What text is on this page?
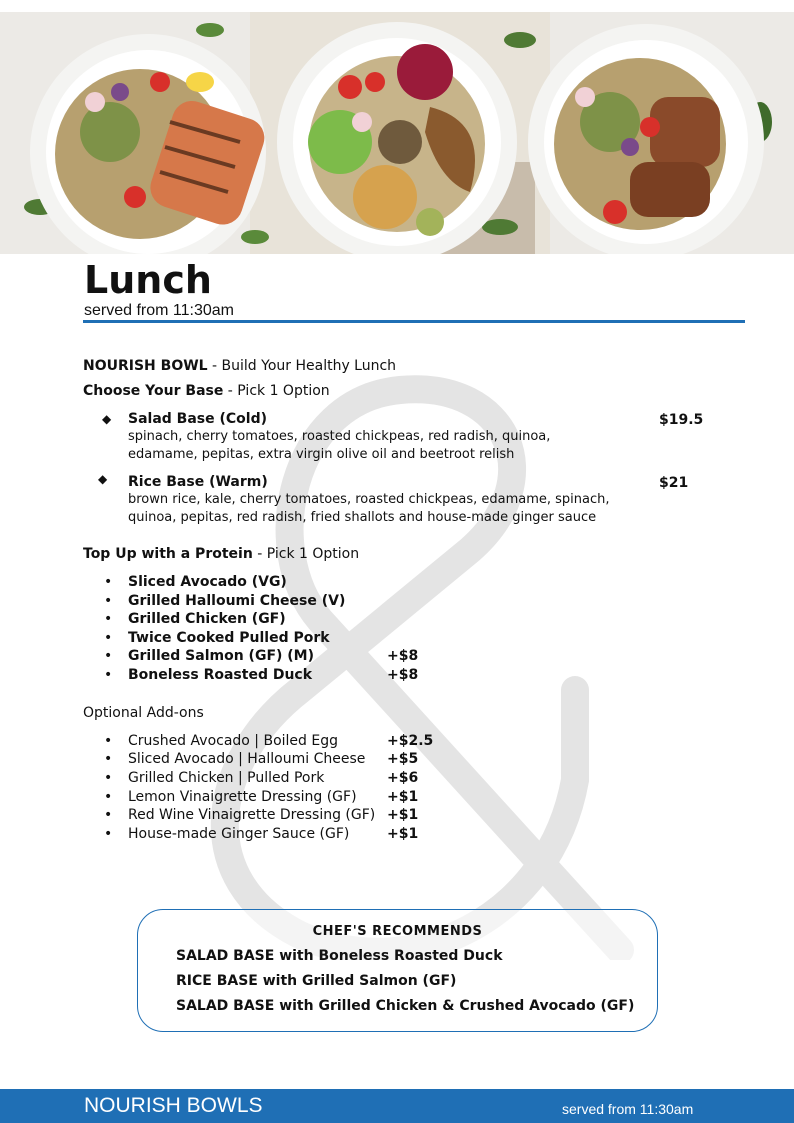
Lunch
served from 11:30am
NOURISH BOWL - Build Your Healthy Lunch
Choose Your Base - Pick 1 Option
◆ Salad Base (Cold)	$19.5
spinach, cherry tomatoes, roasted chickpeas, red radish, quinoa,
edamame, pepitas, extra virgin olive oil and beetroot relish
◆ Rice Base (Warm)	$21
brown rice, kale, cherry tomatoes, roasted chickpeas, edamame, spinach,
quinoa, pepitas, red radish, fried shallots and house-made ginger sauce
Top Up with a Protein - Pick 1 Option
• Sliced Avocado (VG)
• Grilled Halloumi Cheese (V)
• Grilled Chicken (GF)
• Twice Cooked Pulled Pork
• Grilled Salmon (GF) (M)	+$8
• Boneless Roasted Duck	+$8
Optional Add-ons
• Crushed Avocado | Boiled Egg	+$2.5
• Sliced Avocado | Halloumi Cheese +$5
• Grilled Chicken | Pulled Pork	+$6
• Lemon Vinaigrette Dressing (GF) +$1
• Red Wine Vinaigrette Dressing (GF) +$1
• House-made Ginger Sauce (GF)	+$1
CHEF'S RECOMMENDS
SALAD BASE with Boneless Roasted Duck
RICE BASE with Grilled Salmon (GF)
SALAD BASE with Grilled Chicken & Crushed Avocado (GF)
NOURISH BOWLS	served from 11:30am
